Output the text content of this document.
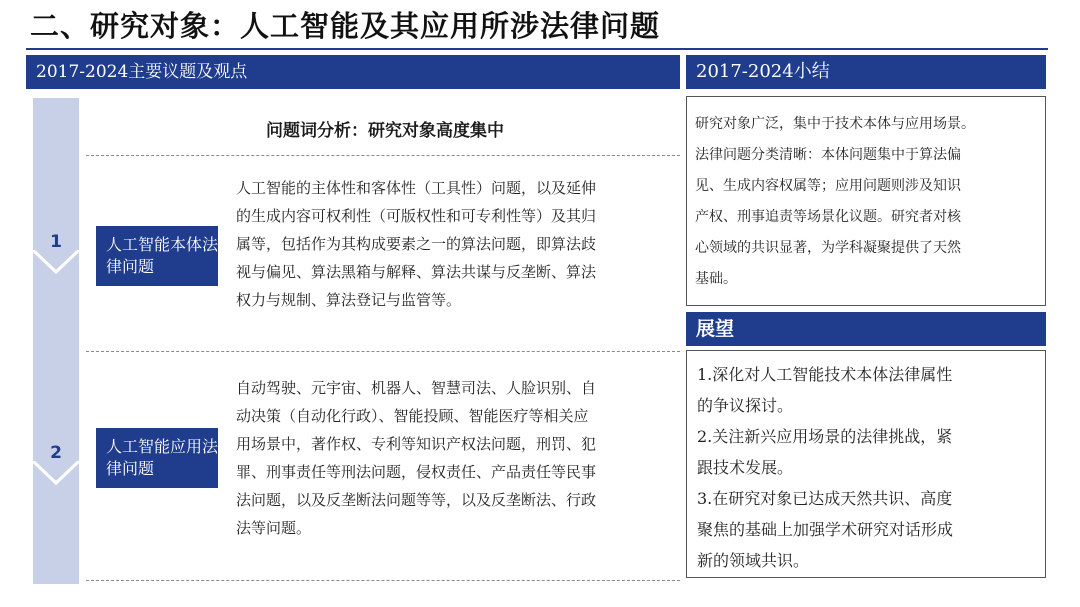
二、研究对象：人工智能及其应用所涉法律问题
2017-2024主要议题及观点
1
2
问题词分析：研究对象高度集中
人工智能本体法律问题
人工智能的主体性和客体性（工具性）问题，以及延伸
的生成内容可权利性（可版权性和可专利性等）及其归
属等，包括作为其构成要素之一的算法问题，即算法歧
视与偏见、算法黑箱与解释、算法共谋与反垄断、算法
权力与规制、算法登记与监管等。
人工智能应用法律问题
自动驾驶、元宇宙、机器人、智慧司法、人脸识别、自
动决策（自动化行政）、智能投顾、智能医疗等相关应
用场景中，著作权、专利等知识产权法问题，刑罚、犯
罪、刑事责任等刑法问题，侵权责任、产品责任等民事
法问题，以及反垄断法问题等等，以及反垄断法、行政
法等问题。
2017-2024小结
研究对象广泛，集中于技术本体与应用场景。
法律问题分类清晰：本体问题集中于算法偏
见、生成内容权属等；应用问题则涉及知识
产权、刑事追责等场景化议题。研究者对核
心领域的共识显著，为学科凝聚提供了天然
基础。
展望
1.深化对人工智能技术本体法律属性
的争议探讨。
2.关注新兴应用场景的法律挑战，紧
跟技术发展。
3.在研究对象已达成天然共识、高度
聚焦的基础上加强学术研究对话形成
新的领域共识。
